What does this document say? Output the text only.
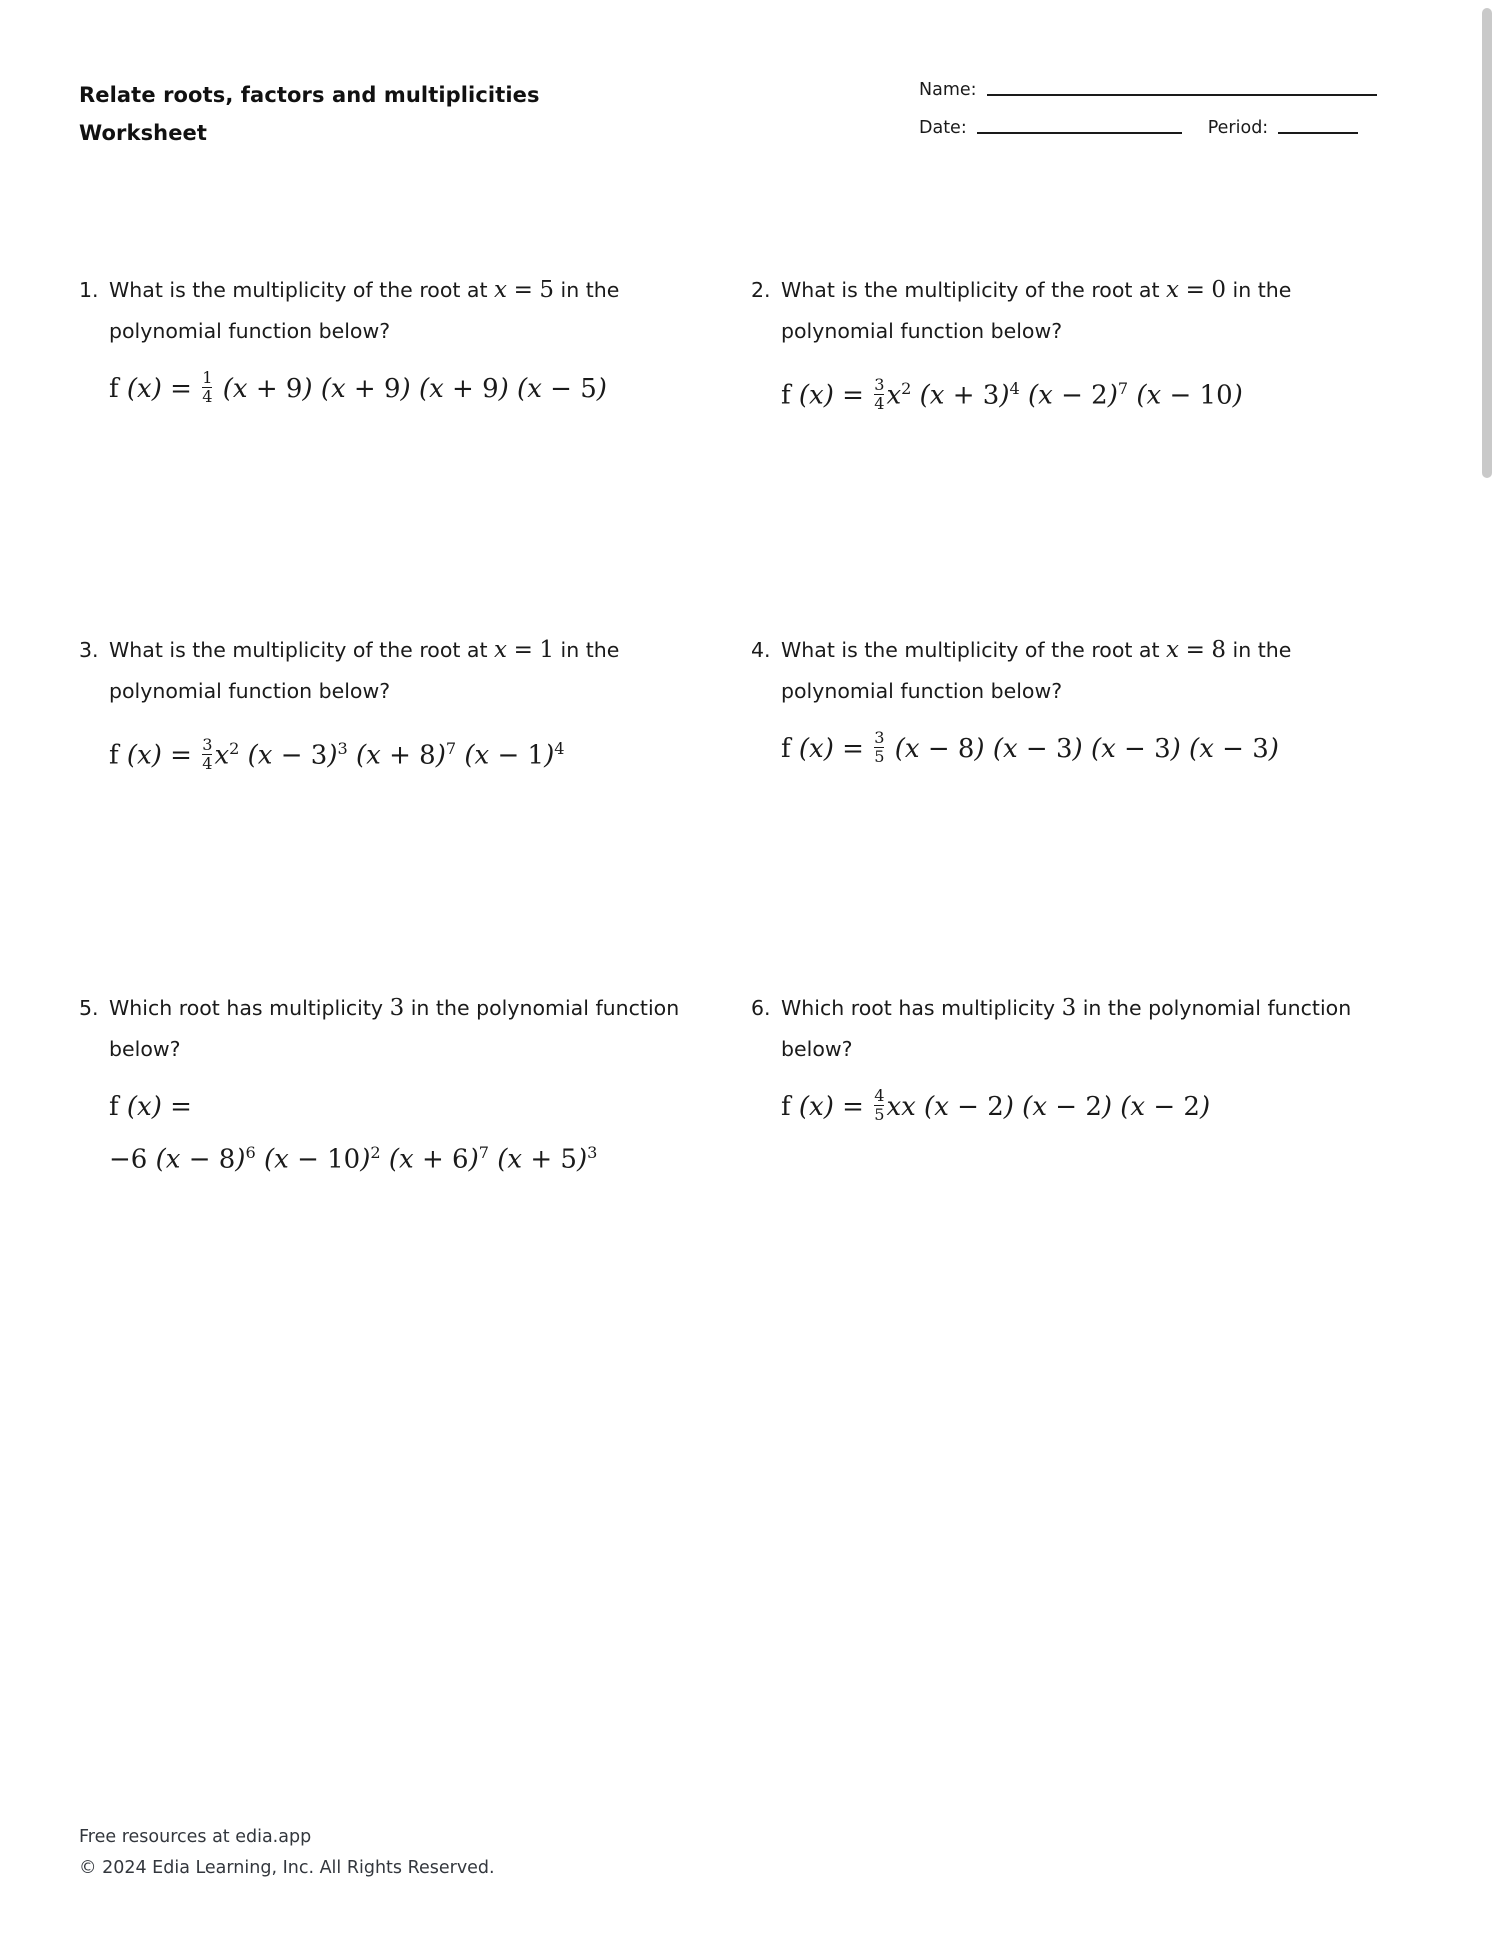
Relate roots, factors and multiplicities
Worksheet
Name:
Date:	Period:
1. What is the multiplicity of the root at x = 5 in the polynomial function below?
f $(x) = \frac{1}{4} (x + 9) (x + 9) (x + 9) (x - 5)$
2. What is the multiplicity of the root at x = 0 in the polynomial function below?
f $(x) = \frac{3}{4} x^2$ $(x + 3)^4$ $(x - 2)^7$ (x − 10)
3. What is the multiplicity of the root at x = 1 in the polynomial function below?
f $(x) = \frac{3}{4} x^2$ $(x - 3)^3$ $(x + 8)^7$ $(x - 1)^4$
4. What is the multiplicity of the root at x = 8 in the polynomial function below?
f $(x) = \frac{3}{5} (x - 8) (x - 3) (x - 3) (x - 3)$
5. Which root has multiplicity 3 in the polynomial function below?
f (x) =
−6 $(x - 8)^6$ $(x - 10)^2$ $(x + 6)^7$ $(x + 5)^3$
6. Which root has multiplicity 3 in the polynomial function below?
f $(x) = \frac{4}{5}$ xx (x − 2) (x − 2) (x − 2)
Free resources at edia.app
© 2024 Edia Learning, Inc. All Rights Reserved.
